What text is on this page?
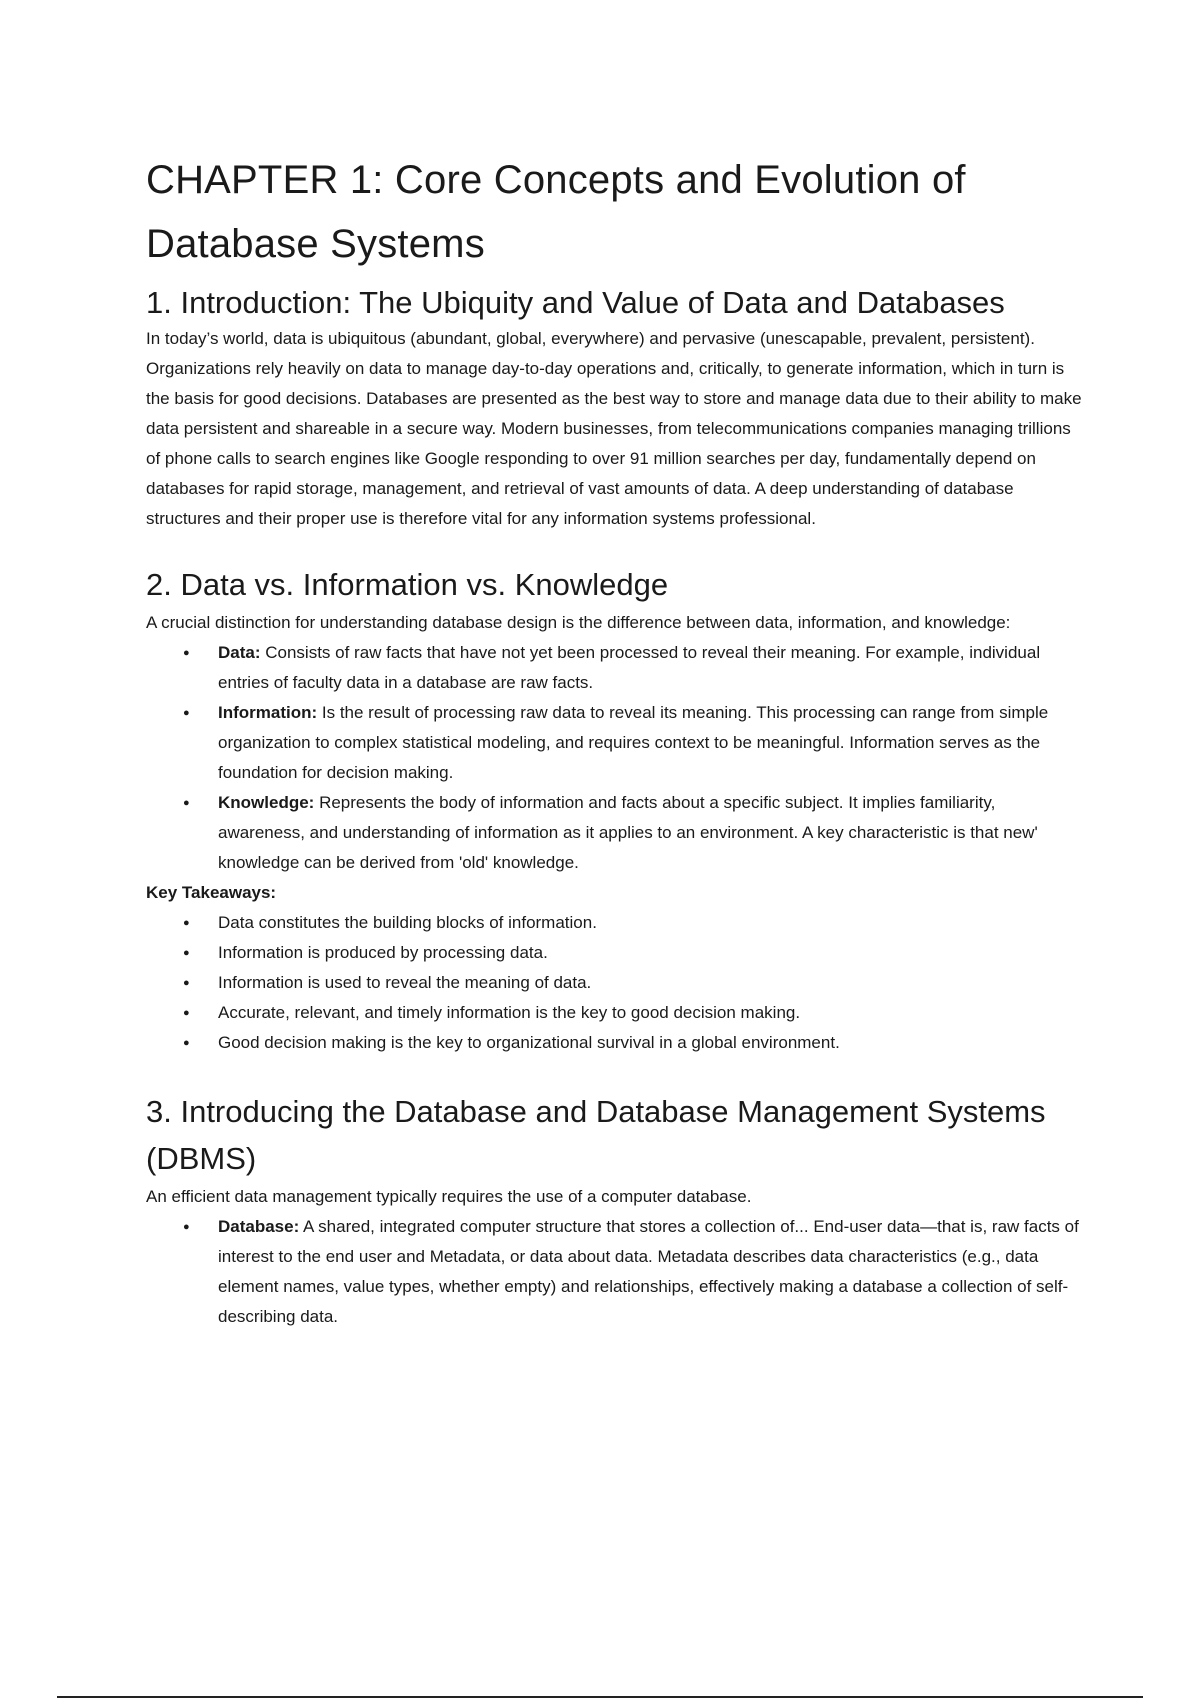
CHAPTER 1: Core Concepts and Evolution of
Database Systems
1. Introduction: The Ubiquity and Value of Data and Databases

In today’s world, data is ubiquitous (abundant, global, everywhere) and pervasive (unescapable, prevalent, persistent). Organizations rely heavily on data to manage day-to-day operations and, critically, to generate information, which in turn is the basis for good decisions. Databases are presented as the best way to store and manage data due to their ability to make data persistent and shareable in a secure way. Modern businesses, from telecommunications companies managing trillions of phone calls to search engines like Google responding to over 91 million searches per day, fundamentally depend on databases for rapid storage, management, and retrieval of vast amounts of data. A deep understanding of database structures and their proper use is therefore vital for any information systems professional.

2. Data vs. Information vs. Knowledge

A crucial distinction for understanding database design is the difference between data, information, and knowledge:

● Data: Consists of raw facts that have not yet been processed to reveal their meaning. For example, individual entries of faculty data in a database are raw facts.
● Information: Is the result of processing raw data to reveal its meaning. This processing can range from simple organization to complex statistical modeling, and requires context to be meaningful. Information serves as the foundation for decision making.
● Knowledge: Represents the body of information and facts about a specific subject. It implies familiarity, awareness, and understanding of information as it applies to an environment. A key characteristic is that new' knowledge can be derived from 'old' knowledge.
Key Takeaways:
● Data constitutes the building blocks of information.
● Information is produced by processing data.
● Information is used to reveal the meaning of data.
● Accurate, relevant, and timely information is the key to good decision making.
● Good decision making is the key to organizational survival in a global environment.
3. Introducing the Database and Database Management Systems (DBMS)

An efficient data management typically requires the use of a computer database.

● Database: A shared, integrated computer structure that stores a collection of... End-user data—that is, raw facts of interest to the end user and Metadata, or data about data. Metadata describes data characteristics (e.g., data element names, value types, whether empty) and relationships, effectively making a database a collection of self-describing data.
